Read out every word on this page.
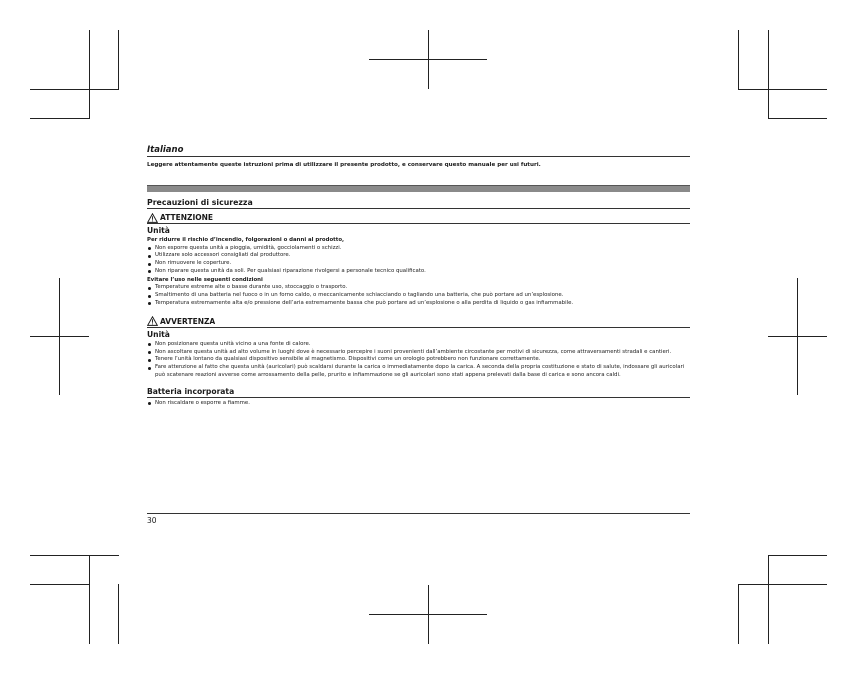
Italiano

Leggere attentamente queste istruzioni prima di utilizzare il presente prodotto, e conservare questo manuale per usi futuri.

Precauzioni di sicurezza

ATTENZIONE

Unità

Per ridurre il rischio d’incendio, folgorazioni o danni al prodotto,

Non esporre questa unità a pioggia, umidità, gocciolamenti o schizzi.
Utilizzare solo accessori consigliati dal produttore.
Non rimuovere le coperture.
Non riparare questa unità da soli. Per qualsiasi riparazione rivolgersi a personale tecnico qualificato.

Evitare l’uso nelle seguenti condizioni

Temperature estreme alte o basse durante uso, stoccaggio o trasporto.
Smaltimento di una batteria nel fuoco o in un forno caldo, o meccanicamente schiacciando o tagliando una batteria, che può portare ad un’esplosione.
Temperatura estremamente alta e/o pressione dell’aria estremamente bassa che può portare ad un’esplosione o alla perdita di liquido o gas infiammabile.
AVVERTENZA

Unità

Non posizionare questa unità vicino a una fonte di calore.
Non ascoltare questa unità ad alto volume in luoghi dove è necessario percepire i suoni provenienti dall’ambiente circostante per motivi di sicurezza, come attraversamenti stradali e cantieri.
Tenere l’unità lontano da qualsiasi dispositivo sensibile al magnetismo. Dispositivi come un orologio potrebbero non funzionare correttamente.
Fare attenzione al fatto che questa unità (auricolari) può scaldarsi durante la carica o immediatamente dopo la carica. A seconda della propria costituzione e stato di salute, indossare gli auricolari può scatenare reazioni avverse come arrossamento della pelle, prurito e infiammazione se gli auricolari sono stati appena prelevati dalla base di carica e sono ancora caldi.

Batteria incorporata

Non riscaldare o esporre a fiamme.
30
